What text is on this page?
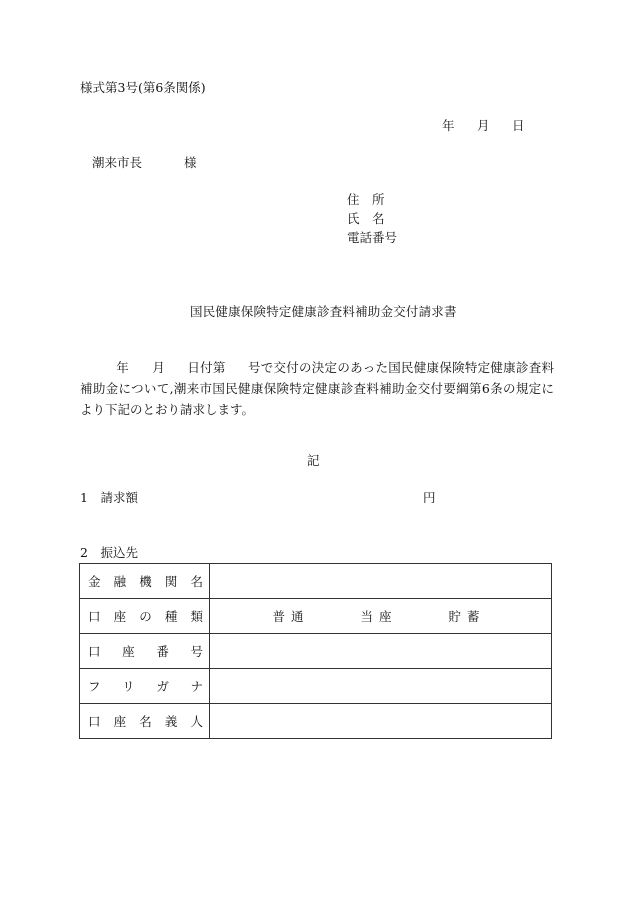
様式第3号(第6条関係)
年 月 日
潮来市長	様
住　所
氏　名
電話番号
国民健康保険特定健康診査料補助金交付請求書
年 月 日付第 号で交付の決定のあった国民健康保険特定健康診査料補助金について,潮来市国民健康保険特定健康診査料補助金交付要綱第6条の規定により下記のとおり請求します。
記
1　請求額	円
2　振込先
金 融 機 関 名	

口 座 の 種 類	普通 当座 貯蓄

口 座 番 号	

フ リ ガ ナ	

口 座 名 義 人	
